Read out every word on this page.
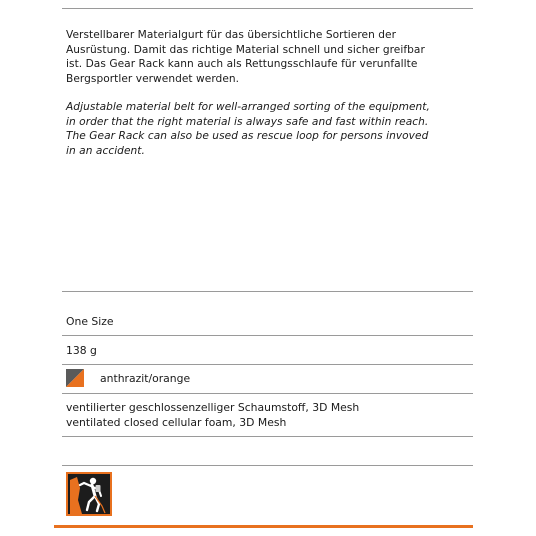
Verstellbarer Materialgurt für das übersichtliche Sortieren der
Ausrüstung. Damit das richtige Material schnell und sicher greifbar
ist. Das Gear Rack kann auch als Rettungsschlaufe für verunfallte
Bergsportler verwendet werden.
Adjustable material belt for well-arranged sorting of the equipment,
in order that the right material is always safe and fast within reach.
The Gear Rack can also be used as rescue loop for persons invoved
in an accident.
One Size
138 g
anthrazit/orange
ventilierter geschlossenzelliger Schaumstoff, 3D Mesh
ventilated closed cellular foam, 3D Mesh
